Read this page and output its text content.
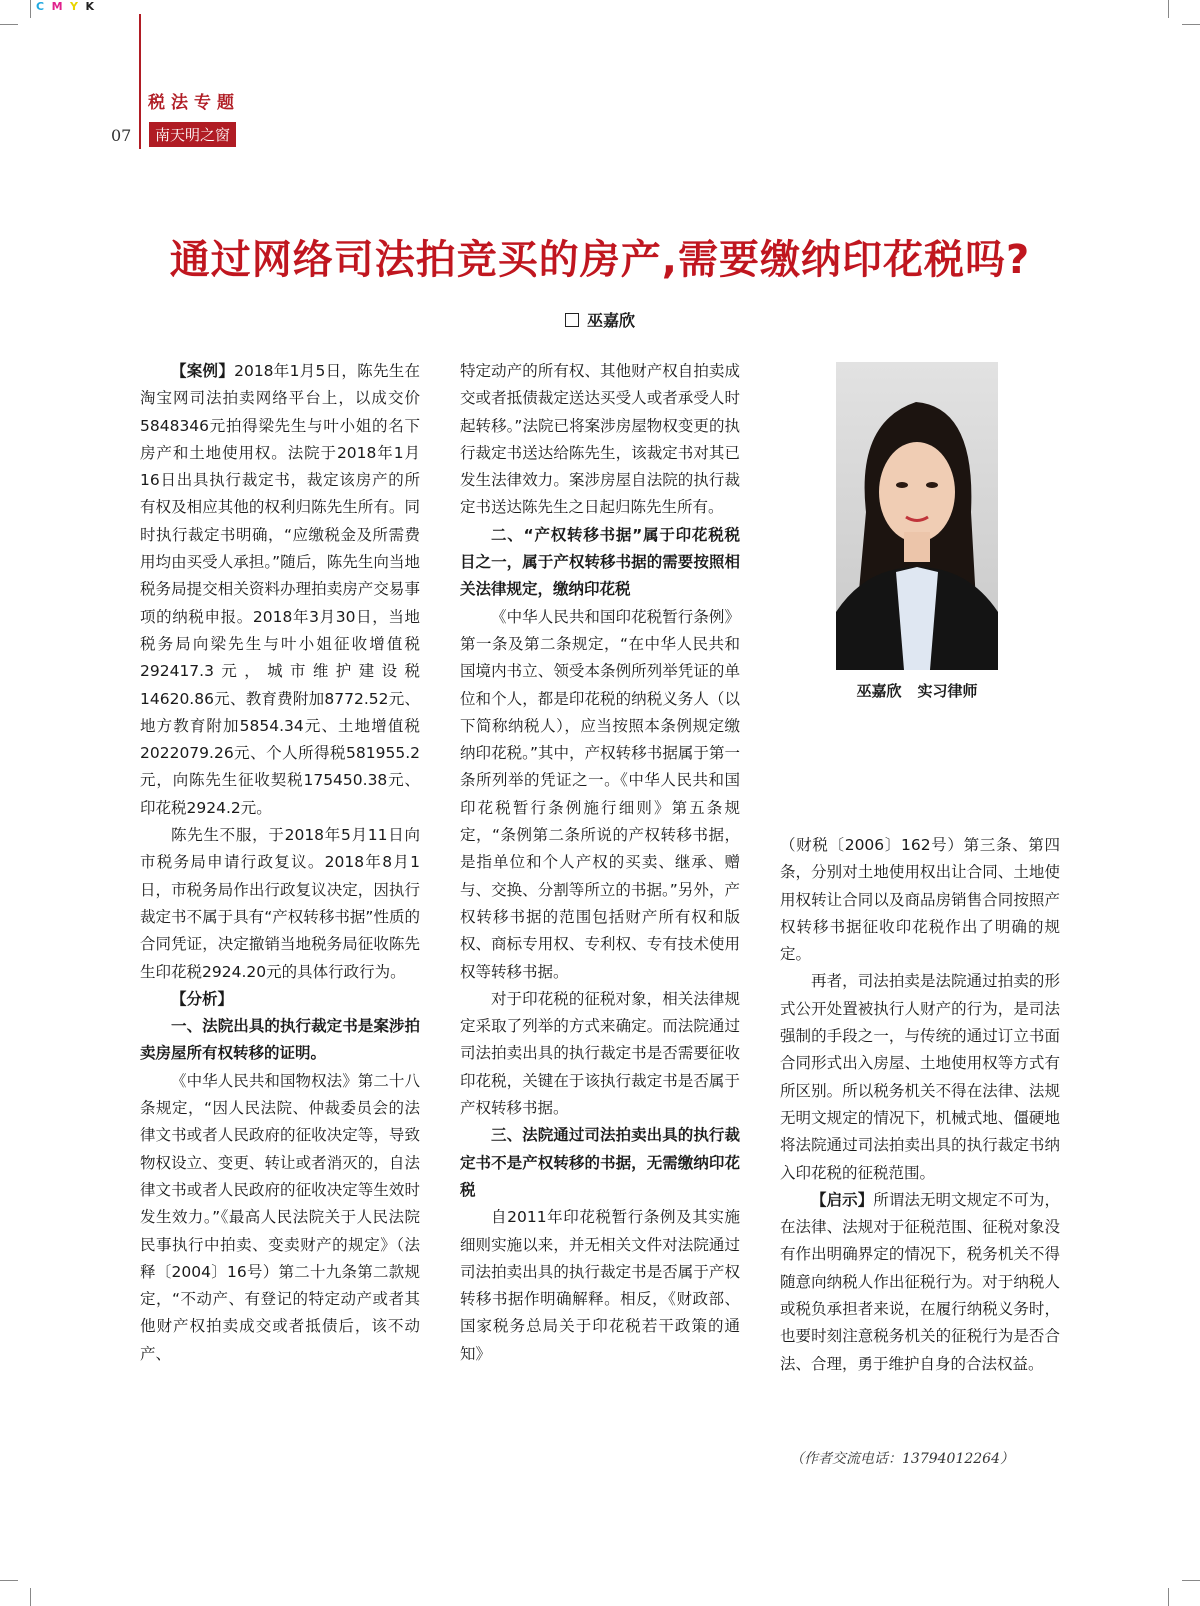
C M Y K
税法专题
07	南天明之窗
通过网络司法拍竞买的房产,需要缴纳印花税吗?
巫嘉欣

【案例】2018年1月5日，陈先生在淘宝网司法拍卖网络平台上，以成交价5848346元拍得梁先生与叶小姐的名下房产和土地使用权。法院于2018年1月16日出具执行裁定书，裁定该房产的所有权及相应其他的权利归陈先生所有。同时执行裁定书明确，“应缴税金及所需费用均由买受人承担。”随后，陈先生向当地税务局提交相关资料办理拍卖房产交易事项的纳税申报。2018年3月30日，当地税务局向梁先生与叶小姐征收增值税292417.3元，城市维护建设税14620.86元、教育费附加8772.52元、地方教育附加5854.34元、土地增值税2022079.26元、个人所得税581955.2元，向陈先生征收契税175450.38元、印花税2924.2元。

陈先生不服，于2018年5月11日向市税务局申请行政复议。2018年8月1日，市税务局作出行政复议决定，因执行裁定书不属于具有“产权转移书据”性质的合同凭证，决定撤销当地税务局征收陈先生印花税2924.20元的具体行政行为。

【分析】

一、法院出具的执行裁定书是案涉拍卖房屋所有权转移的证明。

《中华人民共和国物权法》第二十八条规定，“因人民法院、仲裁委员会的法律文书或者人民政府的征收决定等，导致物权设立、变更、转让或者消灭的，自法律文书或者人民政府的征收决定等生效时发生效力。”《最高人民法院关于人民法院民事执行中拍卖、变卖财产的规定》（法释〔2004〕16号）第二十九条第二款规定，“不动产、有登记的特定动产或者其他财产权拍卖成交或者抵债后，该不动产、

特定动产的所有权、其他财产权自拍卖成交或者抵债裁定送达买受人或者承受人时起转移。”法院已将案涉房屋物权变更的执行裁定书送达给陈先生，该裁定书对其已发生法律效力。案涉房屋自法院的执行裁定书送达陈先生之日起归陈先生所有。

二、“产权转移书据”属于印花税税目之一，属于产权转移书据的需要按照相关法律规定，缴纳印花税

《中华人民共和国印花税暂行条例》第一条及第二条规定，“在中华人民共和国境内书立、领受本条例所列举凭证的单位和个人，都是印花税的纳税义务人（以下简称纳税人），应当按照本条例规定缴纳印花税。”其中，产权转移书据属于第一条所列举的凭证之一。《中华人民共和国印花税暂行条例施行细则》第五条规定，“条例第二条所说的产权转移书据，是指单位和个人产权的买卖、继承、赠与、交换、分割等所立的书据。”另外，产权转移书据的范围包括财产所有权和版权、商标专用权、专利权、专有技术使用权等转移书据。

对于印花税的征税对象，相关法律规定采取了列举的方式来确定。而法院通过司法拍卖出具的执行裁定书是否需要征收印花税，关键在于该执行裁定书是否属于产权转移书据。

三、法院通过司法拍卖出具的执行裁定书不是产权转移的书据，无需缴纳印花税

自2011年印花税暂行条例及其实施细则实施以来，并无相关文件对法院通过司法拍卖出具的执行裁定书是否属于产权转移书据作明确解释。相反，《财政部、国家税务总局关于印花税若干政策的通知》

巫嘉欣 实习律师

（财税〔2006〕162号）第三条、第四条，分别对土地使用权出让合同、土地使用权转让合同以及商品房销售合同按照产权转移书据征收印花税作出了明确的规定。

再者，司法拍卖是法院通过拍卖的形式公开处置被执行人财产的行为，是司法强制的手段之一，与传统的通过订立书面合同形式出入房屋、土地使用权等方式有所区别。所以税务机关不得在法律、法规无明文规定的情况下，机械式地、僵硬地将法院通过司法拍卖出具的执行裁定书纳入印花税的征税范围。

【启示】所谓法无明文规定不可为，在法律、法规对于征税范围、征税对象没有作出明确界定的情况下，税务机关不得随意向纳税人作出征税行为。对于纳税人或税负承担者来说，在履行纳税义务时，也要时刻注意税务机关的征税行为是否合法、合理，勇于维护自身的合法权益。

（作者交流电话：13794012264）
